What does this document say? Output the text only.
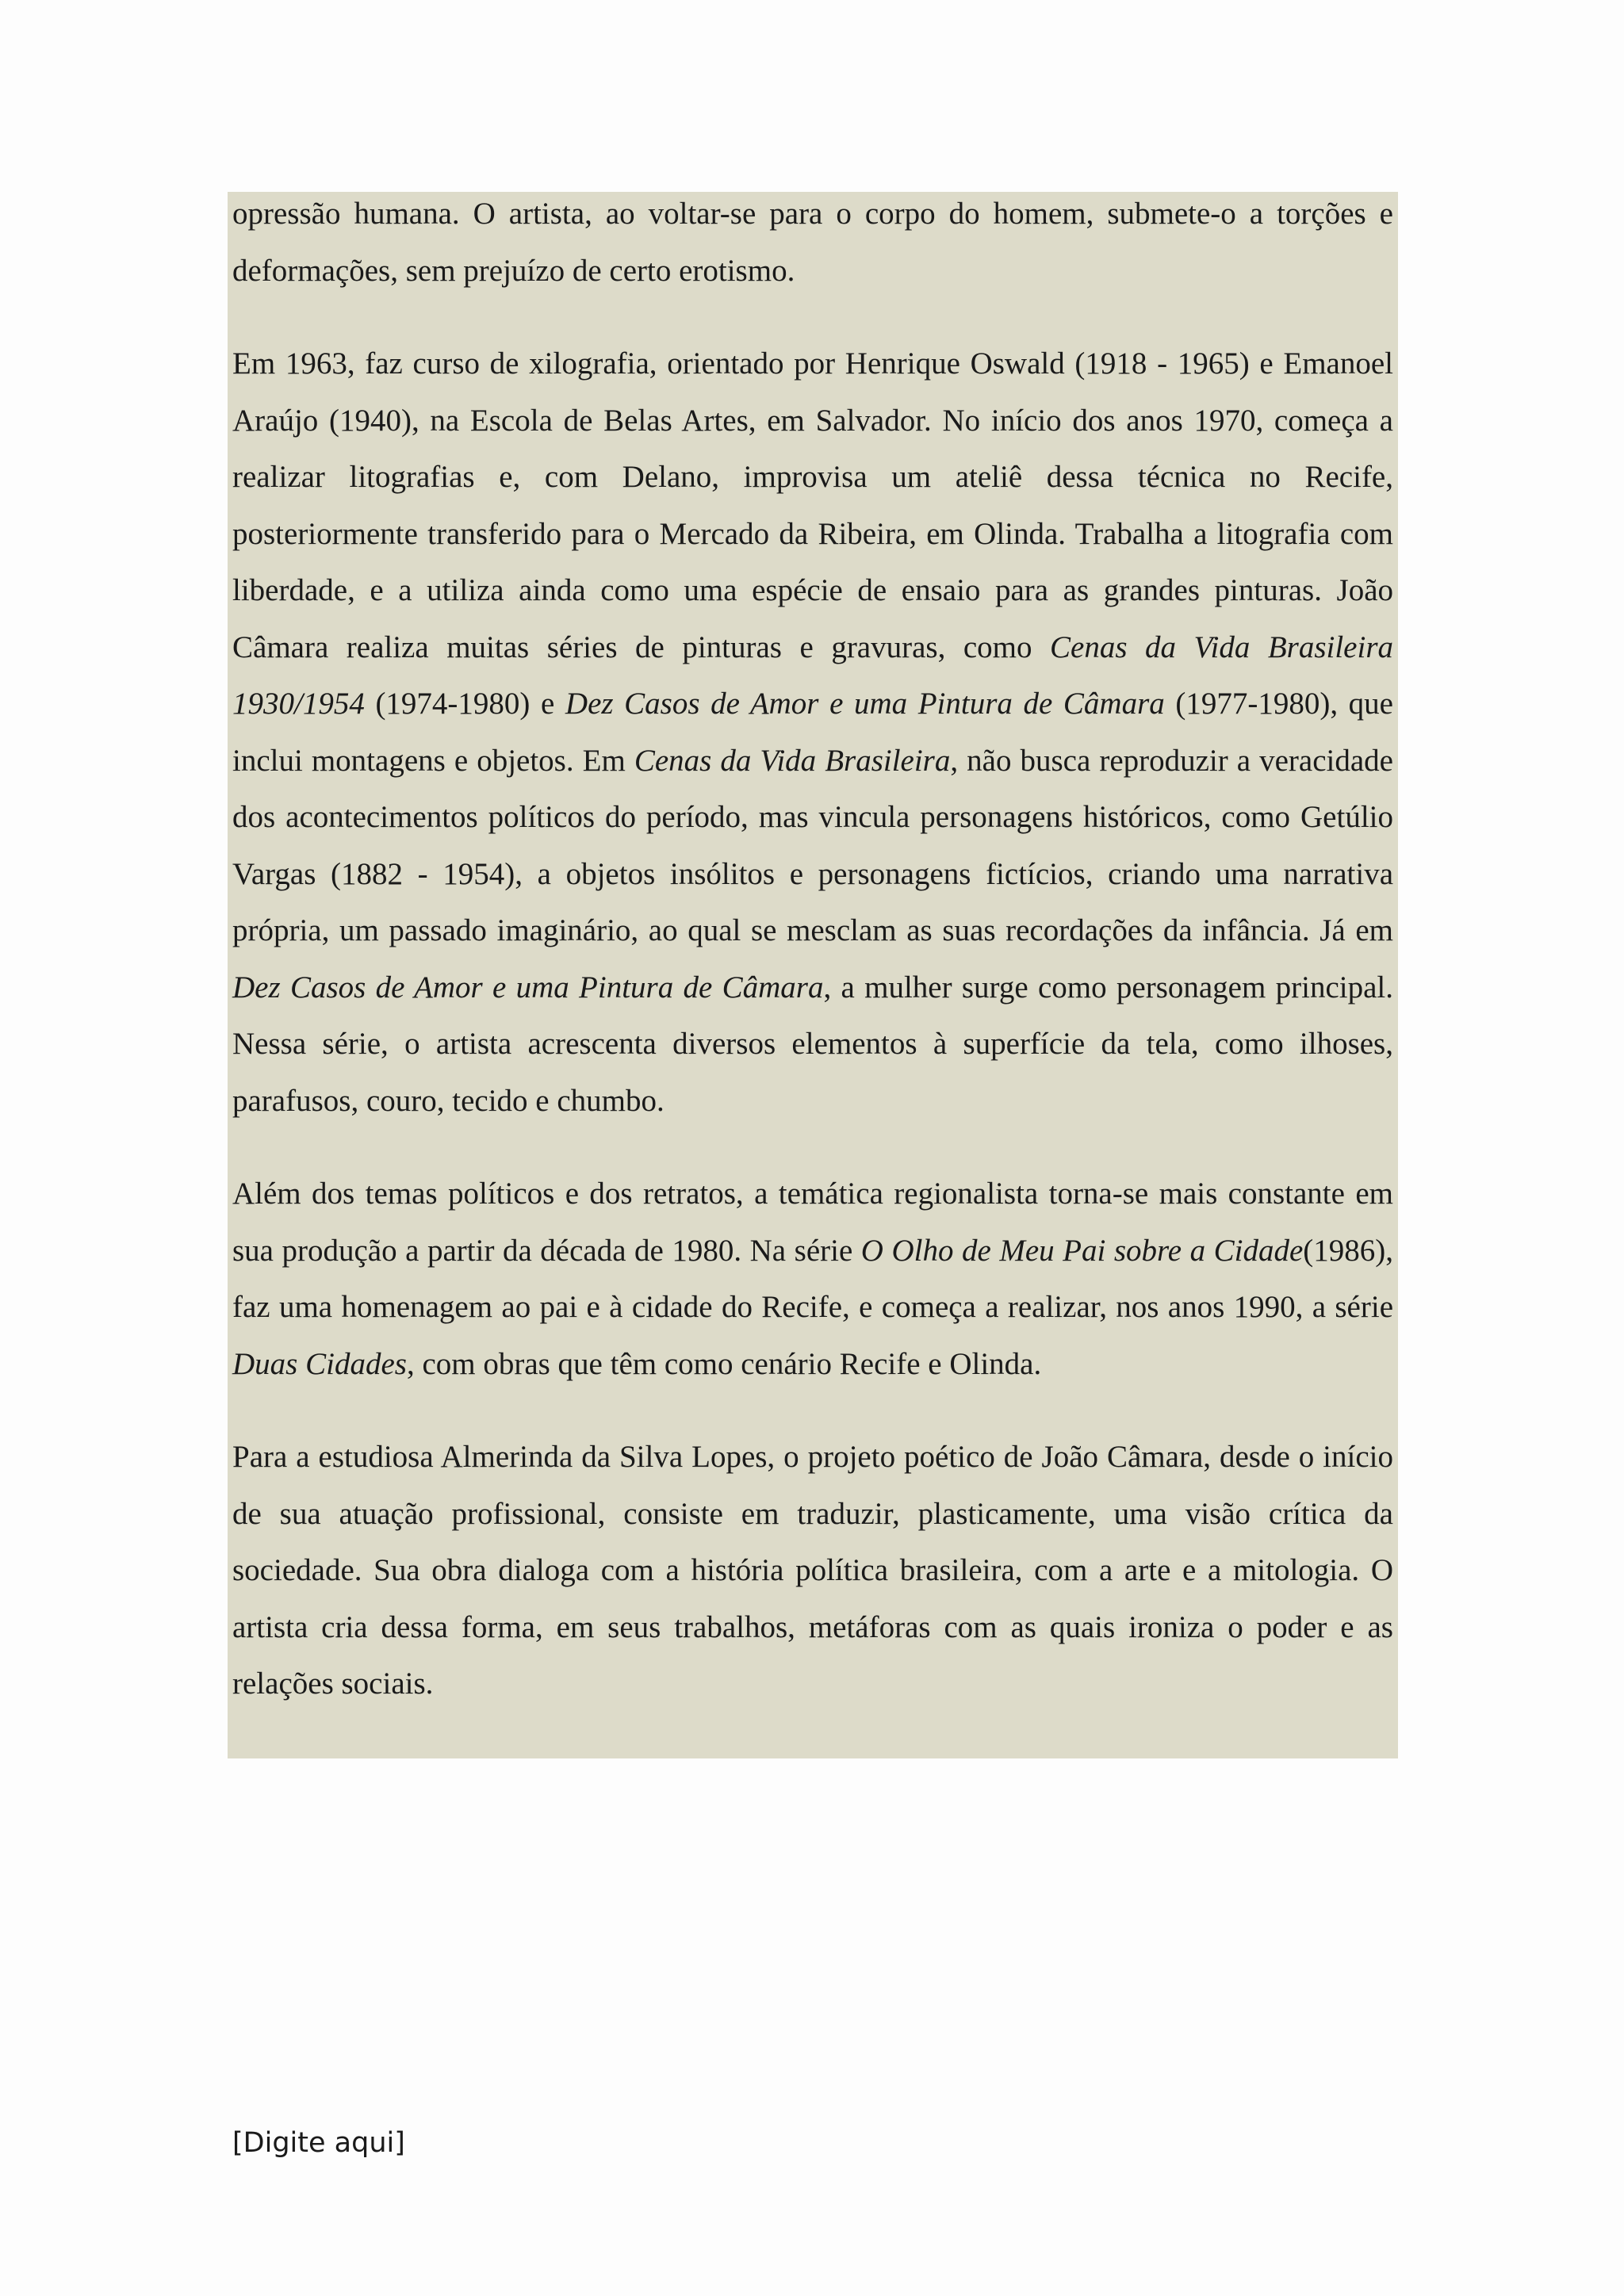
opressão humana. O artista, ao voltar-se para o corpo do homem, submete-o a torções e deformações, sem prejuízo de certo erotismo.

Em 1963, faz curso de xilografia, orientado por Henrique Oswald (1918 - 1965) e Emanoel Araújo (1940), na Escola de Belas Artes, em Salvador. No início dos anos 1970, começa a realizar litografias e, com Delano, improvisa um ateliê dessa técnica no Recife, posteriormente transferido para o Mercado da Ribeira, em Olinda. Trabalha a litografia com liberdade, e a utiliza ainda como uma espécie de ensaio para as grandes pinturas. João Câmara realiza muitas séries de pinturas e gravuras, como Cenas da Vida Brasileira 1930/1954 (1974-1980) e Dez Casos de Amor e uma Pintura de Câmara (1977-1980), que inclui montagens e objetos. Em Cenas da Vida Brasileira, não busca reproduzir a veracidade dos acontecimentos políticos do período, mas vincula personagens históricos, como Getúlio Vargas (1882 - 1954), a objetos insólitos e personagens fictícios, criando uma narrativa própria, um passado imaginário, ao qual se mesclam as suas recordações da infância. Já em Dez Casos de Amor e uma Pintura de Câmara, a mulher surge como personagem principal. Nessa série, o artista acrescenta diversos elementos à superfície da tela, como ilhoses, parafusos, couro, tecido e chumbo.

Além dos temas políticos e dos retratos, a temática regionalista torna-se mais constante em sua produção a partir da década de 1980. Na série O Olho de Meu Pai sobre a Cidade(1986), faz uma homenagem ao pai e à cidade do Recife, e começa a realizar, nos anos 1990, a série Duas Cidades, com obras que têm como cenário Recife e Olinda.

Para a estudiosa Almerinda da Silva Lopes, o projeto poético de João Câmara, desde o início de sua atuação profissional, consiste em traduzir, plasticamente, uma visão crítica da sociedade. Sua obra dialoga com a história política brasileira, com a arte e a mitologia. O artista cria dessa forma, em seus trabalhos, metáforas com as quais ironiza o poder e as relações sociais.

[Digite aqui]
